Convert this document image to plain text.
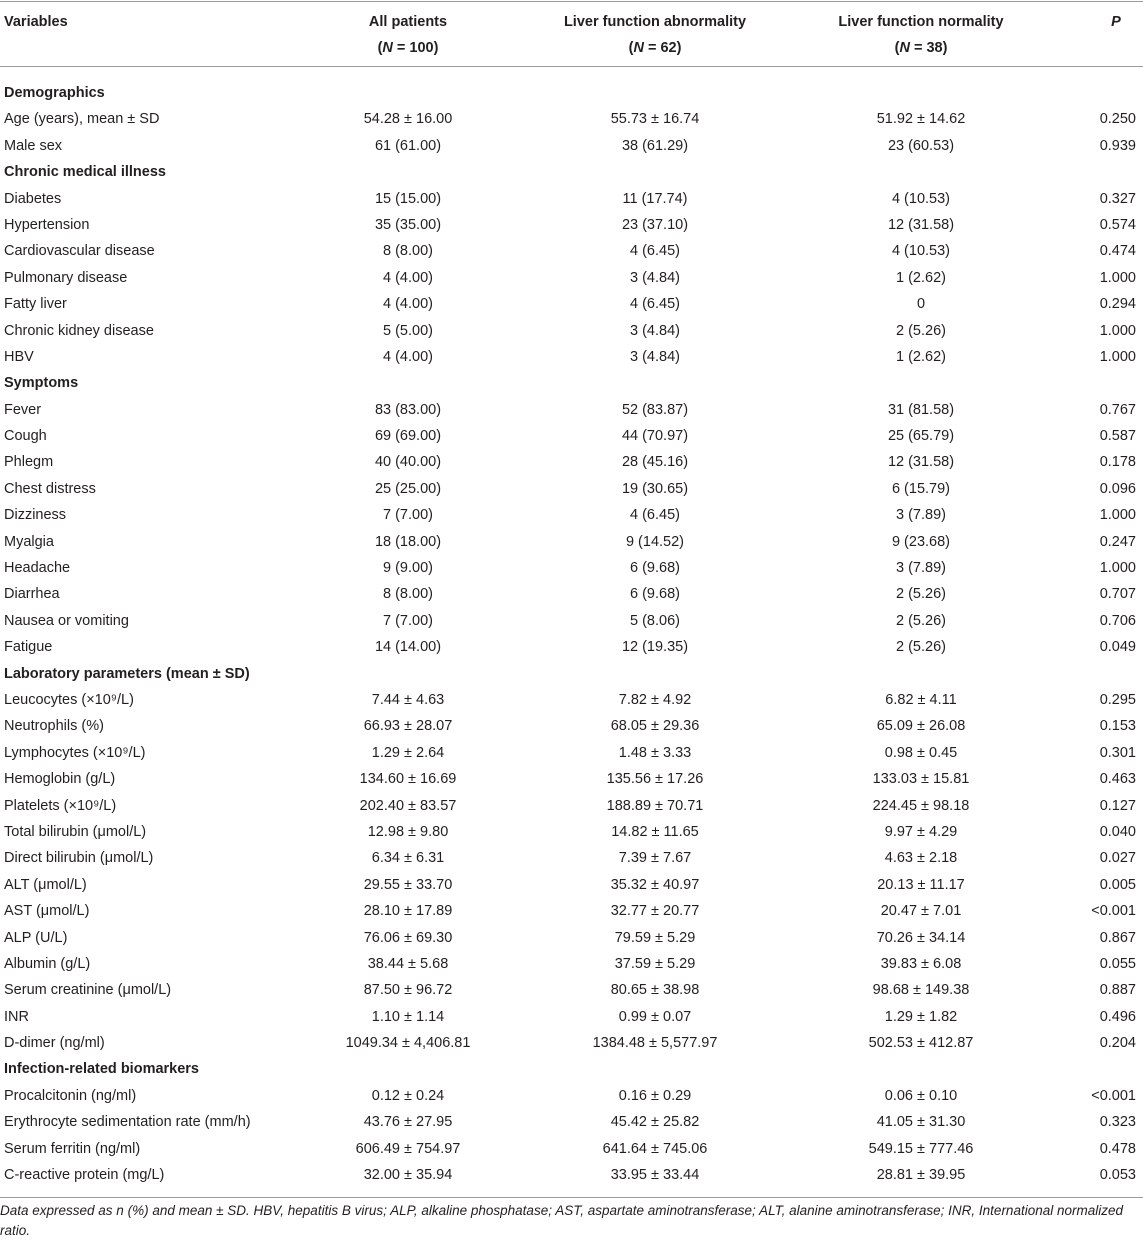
Variables	All patients	Liver function abnormality	Liver function normality	P
(N = 100)	(N = 62)	(N = 38)
Demographics
Age (years), mean ± SD	54.28 ± 16.00	55.73 ± 16.74	51.92 ± 14.62	0.250
Male sex	61 (61.00)	38 (61.29)	23 (60.53)	0.939
Chronic medical illness
Diabetes	15 (15.00)	11 (17.74)	4 (10.53)	0.327
Hypertension	35 (35.00)	23 (37.10)	12 (31.58)	0.574
Cardiovascular disease	8 (8.00)	4 (6.45)	4 (10.53)	0.474
Pulmonary disease	4 (4.00)	3 (4.84)	1 (2.62)	1.000
Fatty liver	4 (4.00)	4 (6.45)	0	0.294
Chronic kidney disease	5 (5.00)	3 (4.84)	2 (5.26)	1.000
HBV	4 (4.00)	3 (4.84)	1 (2.62)	1.000
Symptoms
Fever	83 (83.00)	52 (83.87)	31 (81.58)	0.767
Cough	69 (69.00)	44 (70.97)	25 (65.79)	0.587
Phlegm	40 (40.00)	28 (45.16)	12 (31.58)	0.178
Chest distress	25 (25.00)	19 (30.65)	6 (15.79)	0.096
Dizziness	7 (7.00)	4 (6.45)	3 (7.89)	1.000
Myalgia	18 (18.00)	9 (14.52)	9 (23.68)	0.247
Headache	9 (9.00)	6 (9.68)	3 (7.89)	1.000
Diarrhea	8 (8.00)	6 (9.68)	2 (5.26)	0.707
Nausea or vomiting	7 (7.00)	5 (8.06)	2 (5.26)	0.706
Fatigue	14 (14.00)	12 (19.35)	2 (5.26)	0.049
Laboratory parameters (mean ± SD)
Leucocytes (×10⁹/L)	7.44 ± 4.63	7.82 ± 4.92	6.82 ± 4.11	0.295
Neutrophils (%)	66.93 ± 28.07	68.05 ± 29.36	65.09 ± 26.08	0.153
Lymphocytes (×10⁹/L)	1.29 ± 2.64	1.48 ± 3.33	0.98 ± 0.45	0.301
Hemoglobin (g/L)	134.60 ± 16.69	135.56 ± 17.26	133.03 ± 15.81	0.463
Platelets (×10⁹/L)	202.40 ± 83.57	188.89 ± 70.71	224.45 ± 98.18	0.127
Total bilirubin (μmol/L)	12.98 ± 9.80	14.82 ± 11.65	9.97 ± 4.29	0.040
Direct bilirubin (μmol/L)	6.34 ± 6.31	7.39 ± 7.67	4.63 ± 2.18	0.027
ALT (μmol/L)	29.55 ± 33.70	35.32 ± 40.97	20.13 ± 11.17	0.005
AST (μmol/L)	28.10 ± 17.89	32.77 ± 20.77	20.47 ± 7.01	<0.001
ALP (U/L)	76.06 ± 69.30	79.59 ± 5.29	70.26 ± 34.14	0.867
Albumin (g/L)	38.44 ± 5.68	37.59 ± 5.29	39.83 ± 6.08	0.055
Serum creatinine (μmol/L)	87.50 ± 96.72	80.65 ± 38.98	98.68 ± 149.38	0.887
INR	1.10 ± 1.14	0.99 ± 0.07	1.29 ± 1.82	0.496
D-dimer (ng/ml)	1049.34 ± 4,406.81	1384.48 ± 5,577.97	502.53 ± 412.87	0.204
Infection-related biomarkers
Procalcitonin (ng/ml)	0.12 ± 0.24	0.16 ± 0.29	0.06 ± 0.10	<0.001
Erythrocyte sedimentation rate (mm/h)	43.76 ± 27.95	45.42 ± 25.82	41.05 ± 31.30	0.323
Serum ferritin (ng/ml)	606.49 ± 754.97	641.64 ± 745.06	549.15 ± 777.46	0.478
C-reactive protein (mg/L)	32.00 ± 35.94	33.95 ± 33.44	28.81 ± 39.95	0.053
Data expressed as n (%) and mean ± SD. HBV, hepatitis B virus; ALP, alkaline phosphatase; AST, aspartate aminotransferase; ALT, alanine aminotransferase; INR, International normalized ratio.
